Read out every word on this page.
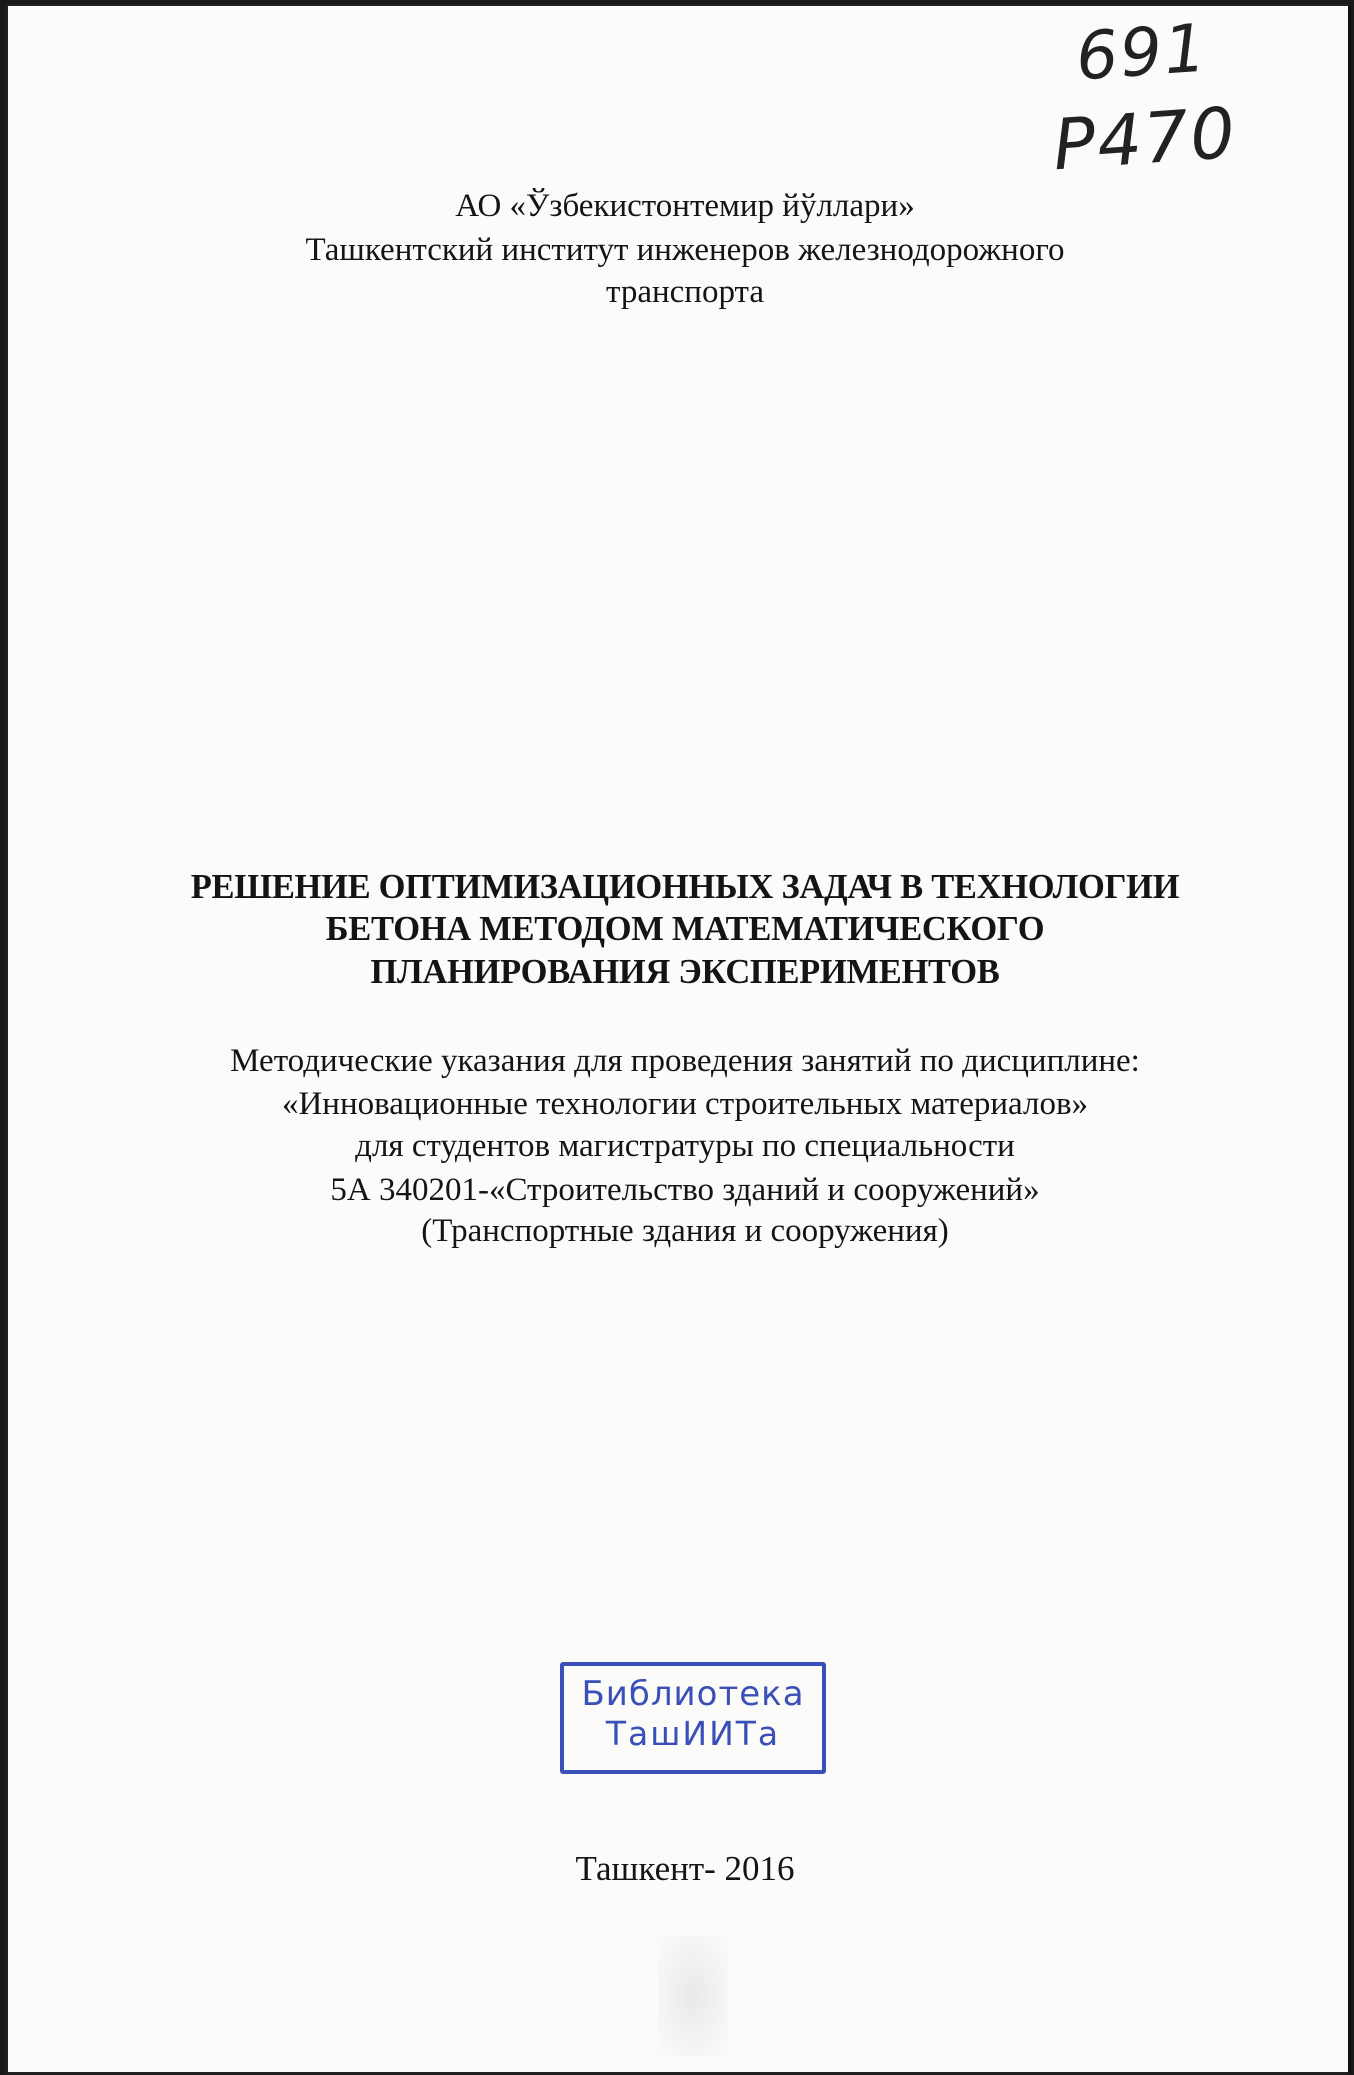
691
P470
АО «Ўзбекистонтемир йўллари»
Ташкентский институт инженеров железнодорожного
транспорта
РЕШЕНИЕ ОПТИМИЗАЦИОННЫХ ЗАДАЧ В ТЕХНОЛОГИИ
БЕТОНА МЕТОДОМ МАТЕМАТИЧЕСКОГО
ПЛАНИРОВАНИЯ ЭКСПЕРИМЕНТОВ
Методические указания для проведения занятий по дисциплине:
«Инновационные технологии строительных материалов»
для студентов магистратуры по специальности
5А 340201-«Строительство зданий и сооружений»
(Транспортные здания и сооружения)
Библиотека
ТашИИТа
Ташкент- 2016
